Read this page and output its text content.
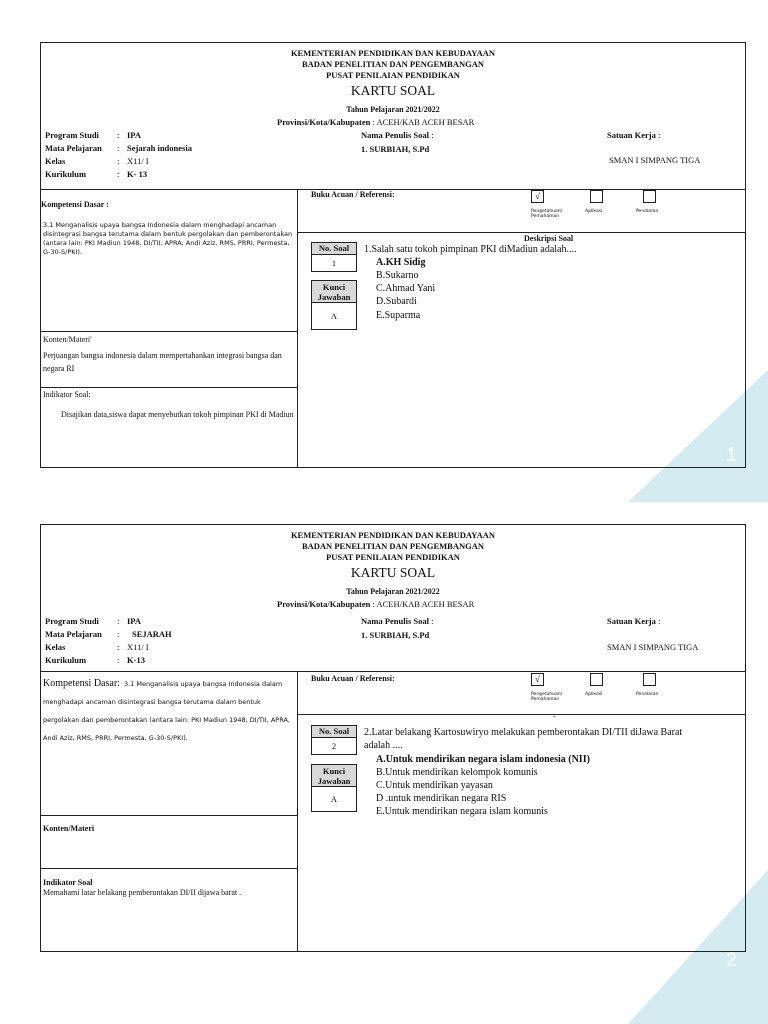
1
2
KEMENTERIAN PENDIDIKAN DAN KEBUDAYAAN
BADAN PENELITIAN DAN PENGEMBANGAN
PUSAT PENILAIAN PENDIDIKAN
KARTU SOAL
Tahun Pelajaran 2021/2022
Provinsi/Kota/Kabupaten : ACEH/KAB ACEH BESAR
Program Studi : IPA
Mata Pelajaran : Sejarah indonesia
Kelas	: X11/ I
Kurikulum	: K- 13
Nama Penulis Soal :
1. SURBIAH, S.Pd
Satuan Kerja :
SMAN I SIMPANG TIGA
Kompetensi Dasar :
3.1 Menganalisis upaya bangsa Indonesia dalam menghadapi ancaman disintegrasi bangsa terutama dalam bentuk pergolakan dan pemberontakan (antara lain: PKI Madiun 1948, DI/TII, APRA, Andi Aziz, RMS, PRRI, Permesta, G-30-S/PKI).
Konten/Materi'
Perjuangan bangsa indonesia dalam mempertahankan integrasi bangsa dan negara RI
Indikator Soal:
Disajikan data,siswa dapat menyebutkan tokoh pimpinan PKI di Madiun
Buku Acuan / Referensi:	√
Pengetahuan/ Pemahaman
Aplikasi	Penalaran
Deskripsi Soal
No. Soal
1
Kunci Jawaban
A
1.Salah satu tokoh pimpinan PKI diMadiun adalah....
A.KH Sidig
B.Sukarno
C.Ahmad Yani
D.Subardi
E.Suparma
KEMENTERIAN PENDIDIKAN DAN KEBUDAYAAN
BADAN PENELITIAN DAN PENGEMBANGAN
PUSAT PENILAIAN PENDIDIKAN
KARTU SOAL
Tahun Pelajaran 2021/2022
Provinsi/Kota/Kabupaten : ACEH/KAB ACEH BESAR
Program Studi : IPA
Mata Pelajaran : SEJARAH
Kelas	: X11/ I
Kurikulum	: K-13
Nama Penulis Soal :
1. SURBIAH, S.Pd
Satuan Kerja :
SMAN I SIMPANG TIGA
Kompetensi Dasar: 3.1 Menganalisis upaya bangsa Indonesia dalam menghadapi ancaman disintegrasi bangsa terutama dalam bentuk pergolakan dan pemberontakan (antara lain: PKI Madiun 1948, DI/TII, APRA, Andi Aziz, RMS, PRRI, Permesta, G-30-S/PKI).
Konten/Materi
Indikator Soal
Memahami latar belakang pemberontakan DI/II dijawa barat .
Buku Acuan / Referensi:	√
Pengetahuan/ Pemahaman
Aplikasi	Penalaran
-
No. Soal
2
Kunci Jawaban
A
2.Latar belakang Kartosuwiryo melakukan pemberontakan DI/TII diJawa Barat
adalah ....
A.Untuk mendirikan negara islam indonesia (NII)
B.Untuk mendirikan kelompok komunis
C.Untuk mendirikan yayasan
D .untuk mendirikan negara RIS
E.Untuk mendirikan negara islam komunis
